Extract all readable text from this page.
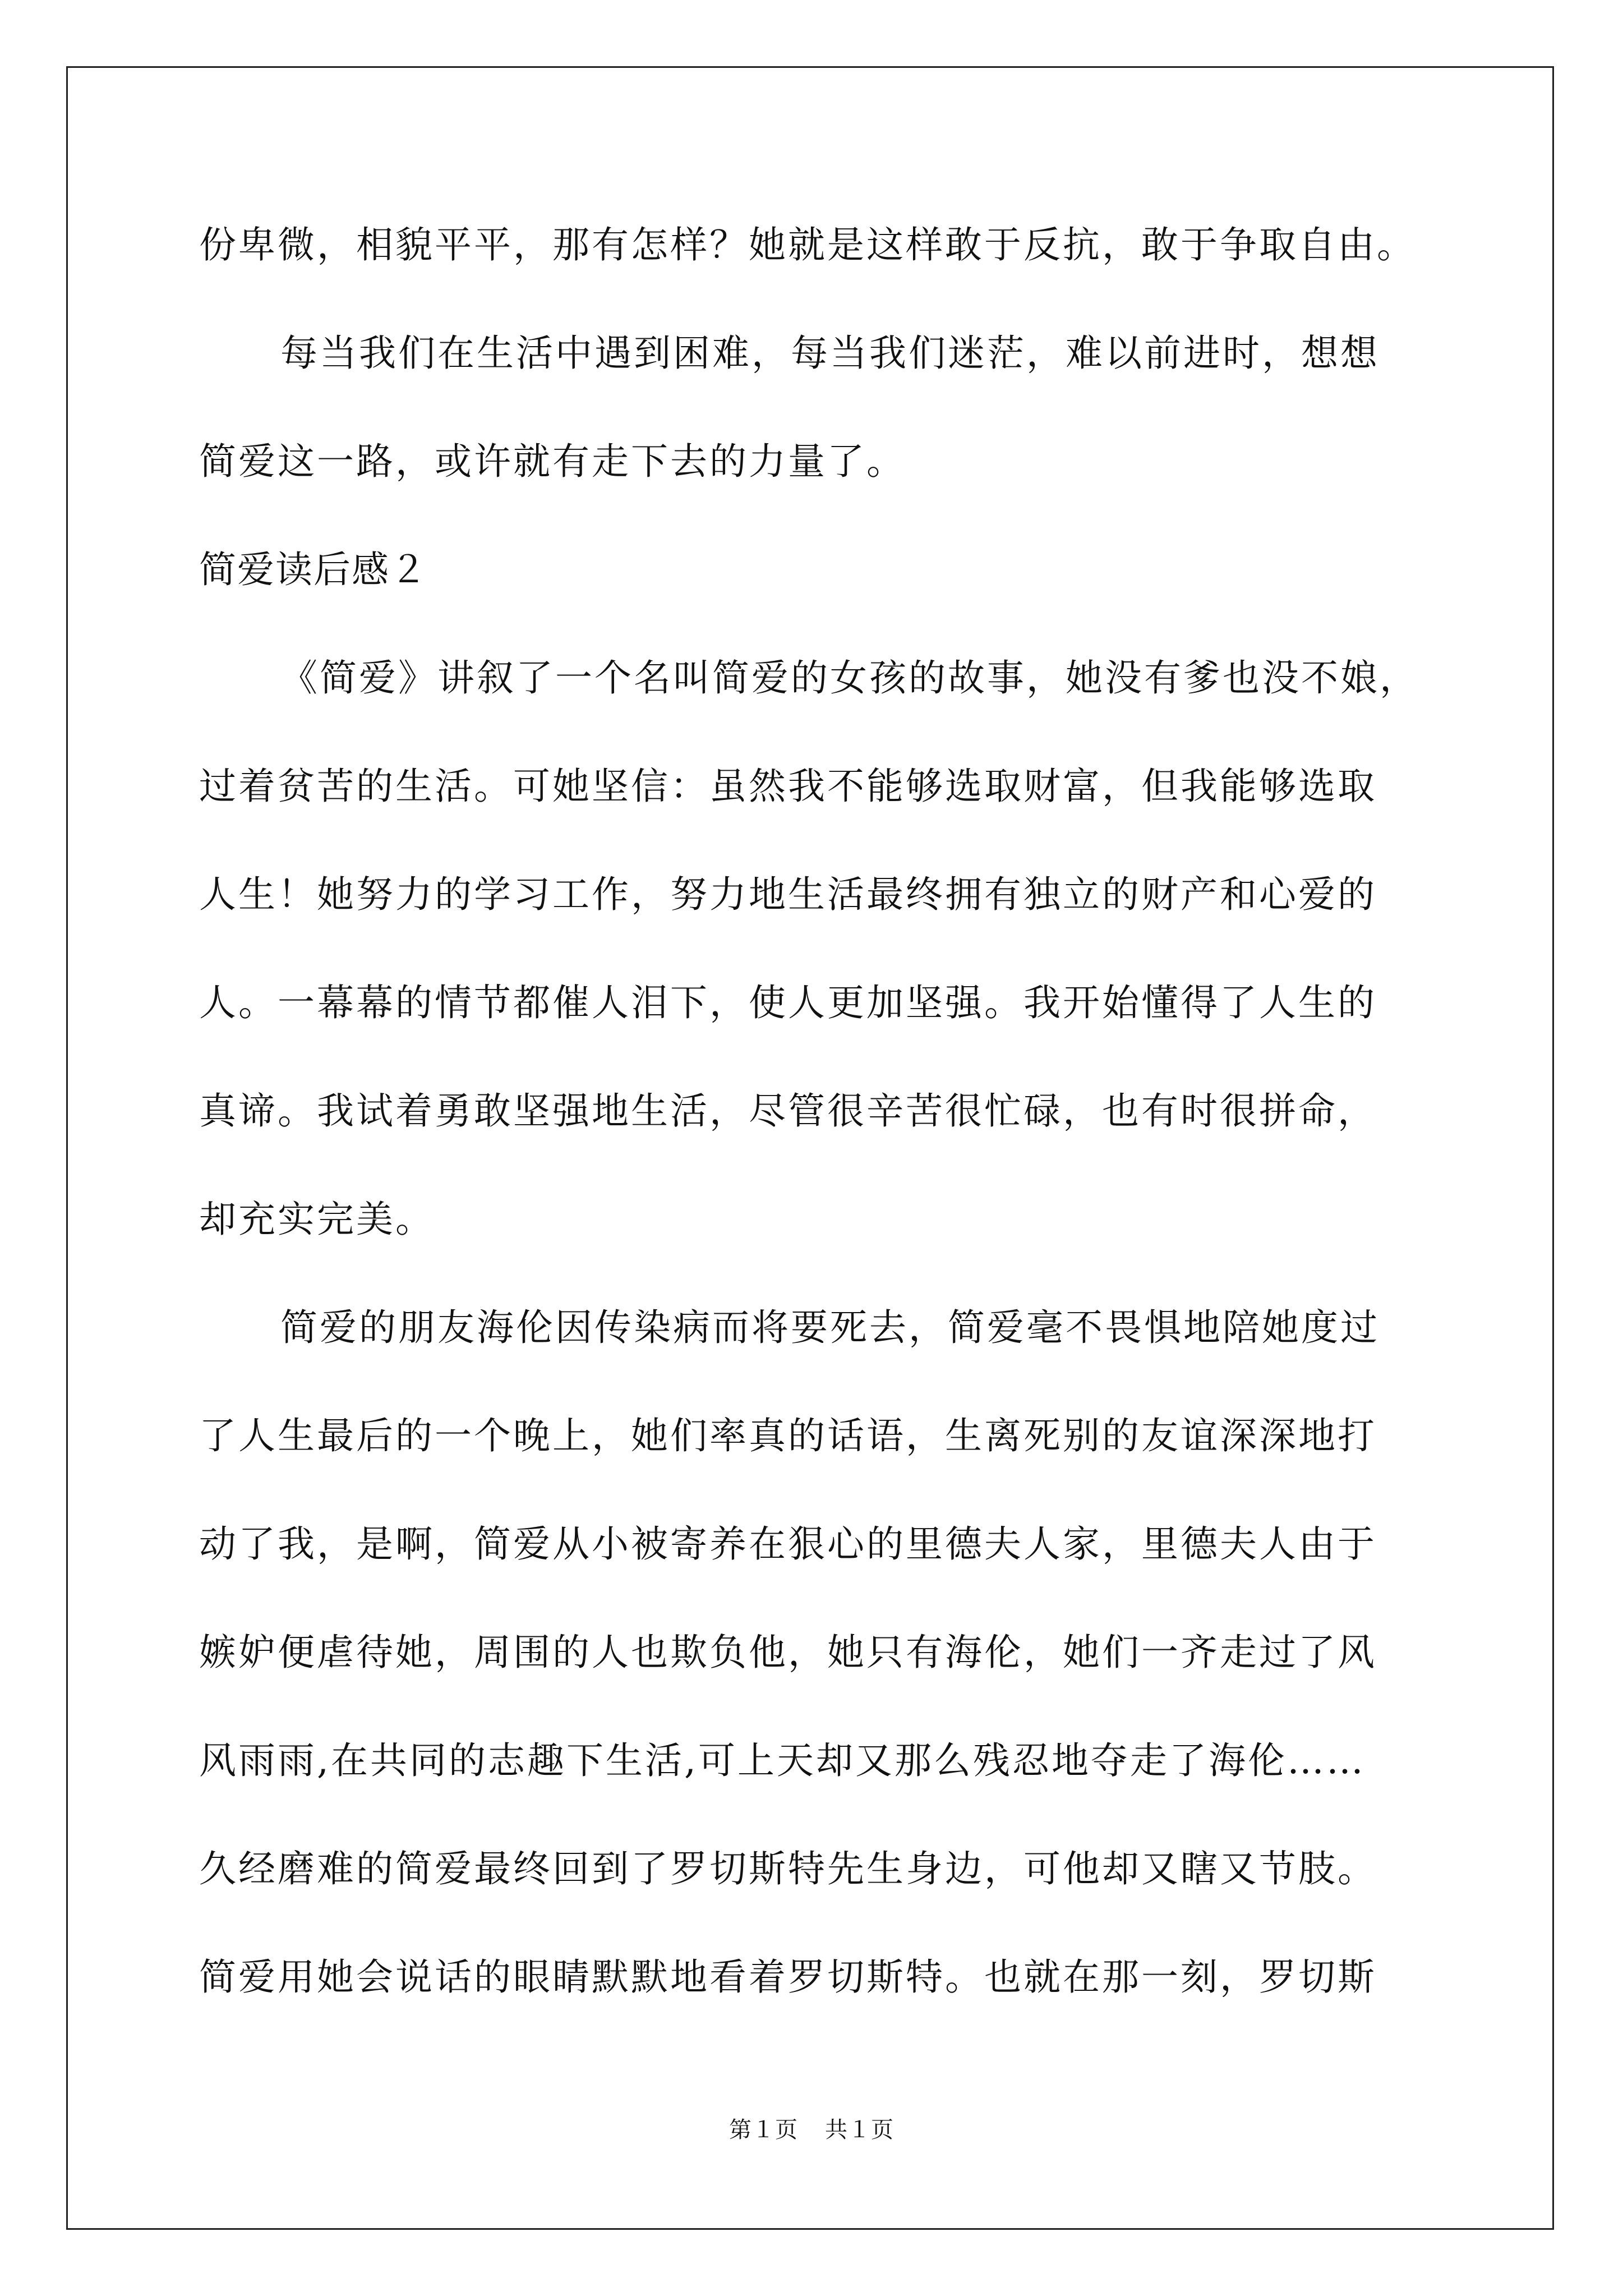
份卑微，相貌平平，那有怎样？她就是这样敢于反抗，敢于争取自由。
每当我们在生活中遇到困难，每当我们迷茫，难以前进时，想想
简爱这一路，或许就有走下去的力量了。
简爱读后感２
《简爱》讲叙了一个名叫简爱的女孩的故事，她没有爹也没不娘，
过着贫苦的生活。可她坚信：虽然我不能够选取财富，但我能够选取
人生！她努力的学习工作，努力地生活最终拥有独立的财产和心爱的
人。一幕幕的情节都催人泪下，使人更加坚强。我开始懂得了人生的
真谛。我试着勇敢坚强地生活，尽管很辛苦很忙碌，也有时很拼命，
却充实完美。
简爱的朋友海伦因传染病而将要死去，简爱毫不畏惧地陪她度过
了人生最后的一个晚上，她们率真的话语，生离死别的友谊深深地打
动了我，是啊，简爱从小被寄养在狠心的里德夫人家，里德夫人由于
嫉妒便虐待她，周围的人也欺负他，她只有海伦，她们一齐走过了风
风雨雨,在共同的志趣下生活,可上天却又那么残忍地夺走了海伦……
久经磨难的简爱最终回到了罗切斯特先生身边，可他却又瞎又节肢。
简爱用她会说话的眼睛默默地看着罗切斯特。也就在那一刻，罗切斯
第１页 共１页
